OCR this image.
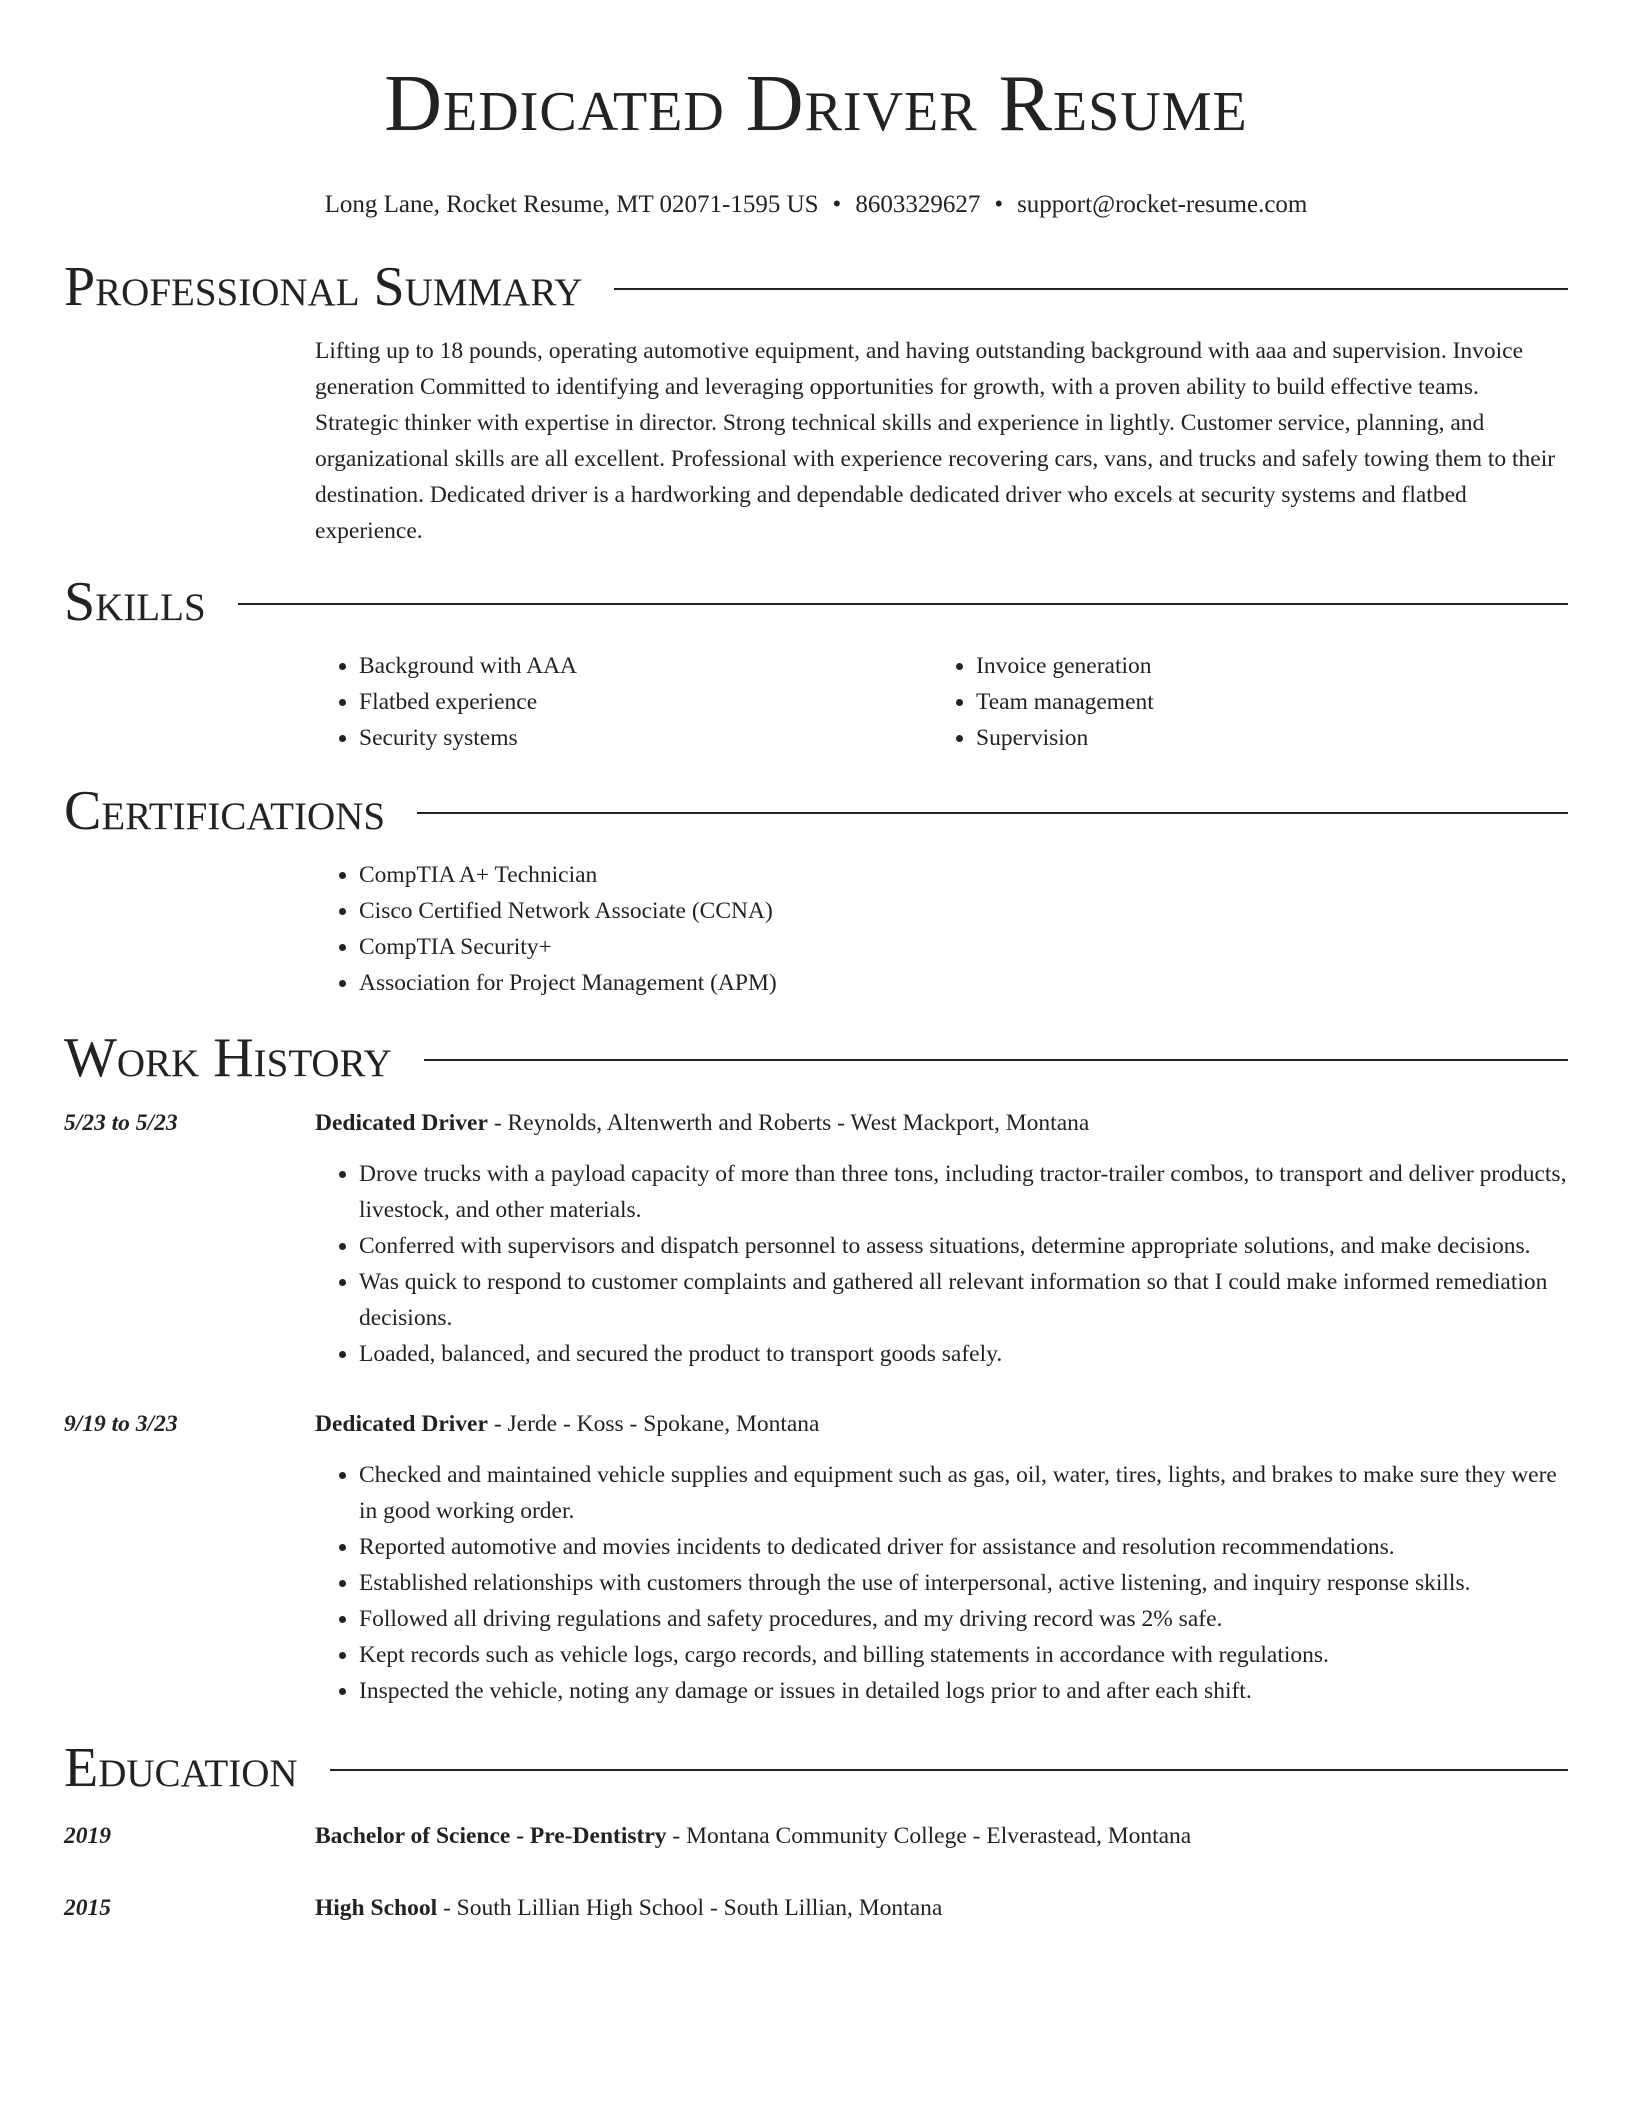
Dedicated Driver Resume
Long Lane, Rocket Resume, MT 02071-1595 US • 8603329627 • support@rocket-resume.com
Professional Summary
Lifting up to 18 pounds, operating automotive equipment, and having outstanding background with aaa and supervision. Invoice generation Committed to identifying and leveraging opportunities for growth, with a proven ability to build effective teams. Strategic thinker with expertise in director. Strong technical skills and experience in lightly. Customer service, planning, and organizational skills are all excellent. Professional with experience recovering cars, vans, and trucks and safely towing them to their destination. Dedicated driver is a hardworking and dependable dedicated driver who excels at security systems and flatbed experience.
Skills
• Background with AAA
• Flatbed experience
• Security systems
• Invoice generation
• Team management
• Supervision
Certifications
• CompTIA A+ Technician
• Cisco Certified Network Associate (CCNA)
• CompTIA Security+
• Association for Project Management (APM)
Work History
5/23 to 5/23	Dedicated Driver - Reynolds, Altenwerth and Roberts - West Mackport, Montana
• Drove trucks with a payload capacity of more than three tons, including tractor-trailer combos, to transport and deliver products, livestock, and other materials.
• Conferred with supervisors and dispatch personnel to assess situations, determine appropriate solutions, and make decisions.
• Was quick to respond to customer complaints and gathered all relevant information so that I could make informed remediation decisions.
• Loaded, balanced, and secured the product to transport goods safely.
9/19 to 3/23	Dedicated Driver - Jerde - Koss - Spokane, Montana
• Checked and maintained vehicle supplies and equipment such as gas, oil, water, tires, lights, and brakes to make sure they were in good working order.
• Reported automotive and movies incidents to dedicated driver for assistance and resolution recommendations.
• Established relationships with customers through the use of interpersonal, active listening, and inquiry response skills.
• Followed all driving regulations and safety procedures, and my driving record was 2% safe.
• Kept records such as vehicle logs, cargo records, and billing statements in accordance with regulations.
• Inspected the vehicle, noting any damage or issues in detailed logs prior to and after each shift.
Education
2019	Bachelor of Science - Pre-Dentistry - Montana Community College - Elverastead, Montana
2015	High School - South Lillian High School - South Lillian, Montana
